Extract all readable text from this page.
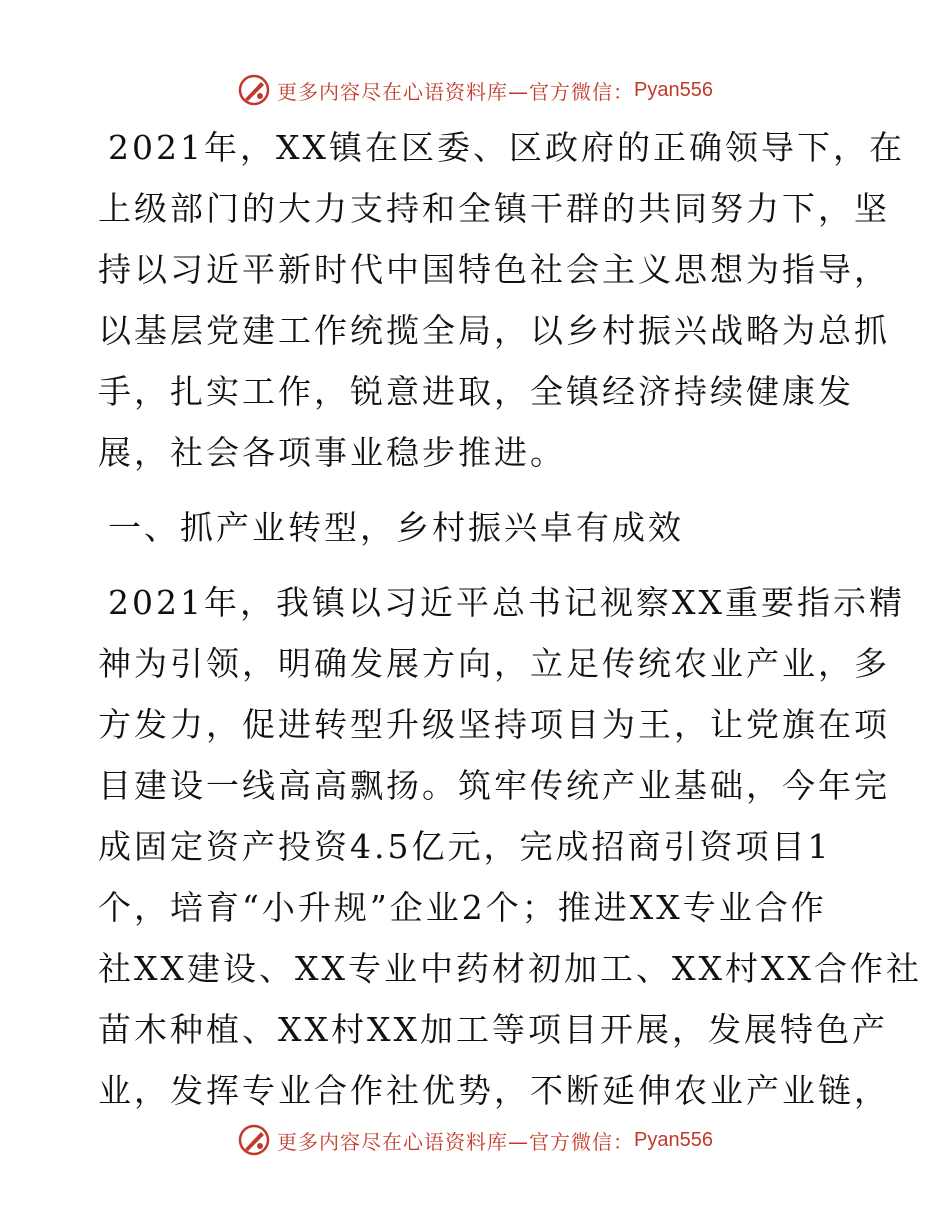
更多内容尽在心语资料库—官方微信： Pyan556
2021年，XX镇在区委、区政府的正确领导下，在
上级部门的大力支持和全镇干群的共同努力下，坚
持以习近平新时代中国特色社会主义思想为指导，
以基层党建工作统揽全局，以乡村振兴战略为总抓
手，扎实工作，锐意进取，全镇经济持续健康发
展，社会各项事业稳步推进。
一、抓产业转型，乡村振兴卓有成效
2021年，我镇以习近平总书记视察XX重要指示精
神为引领，明确发展方向，立足传统农业产业，多
方发力，促进转型升级坚持项目为王，让党旗在项
目建设一线高高飘扬。筑牢传统产业基础，今年完
成固定资产投资4.5亿元，完成招商引资项目1
个，培育“小升规”企业2个；推进XX专业合作
社XX建设、XX专业中药材初加工、XX村XX合作社
苗木种植、XX村XX加工等项目开展，发展特色产
业，发挥专业合作社优势，不断延伸农业产业链，
更多内容尽在心语资料库—官方微信： Pyan556
